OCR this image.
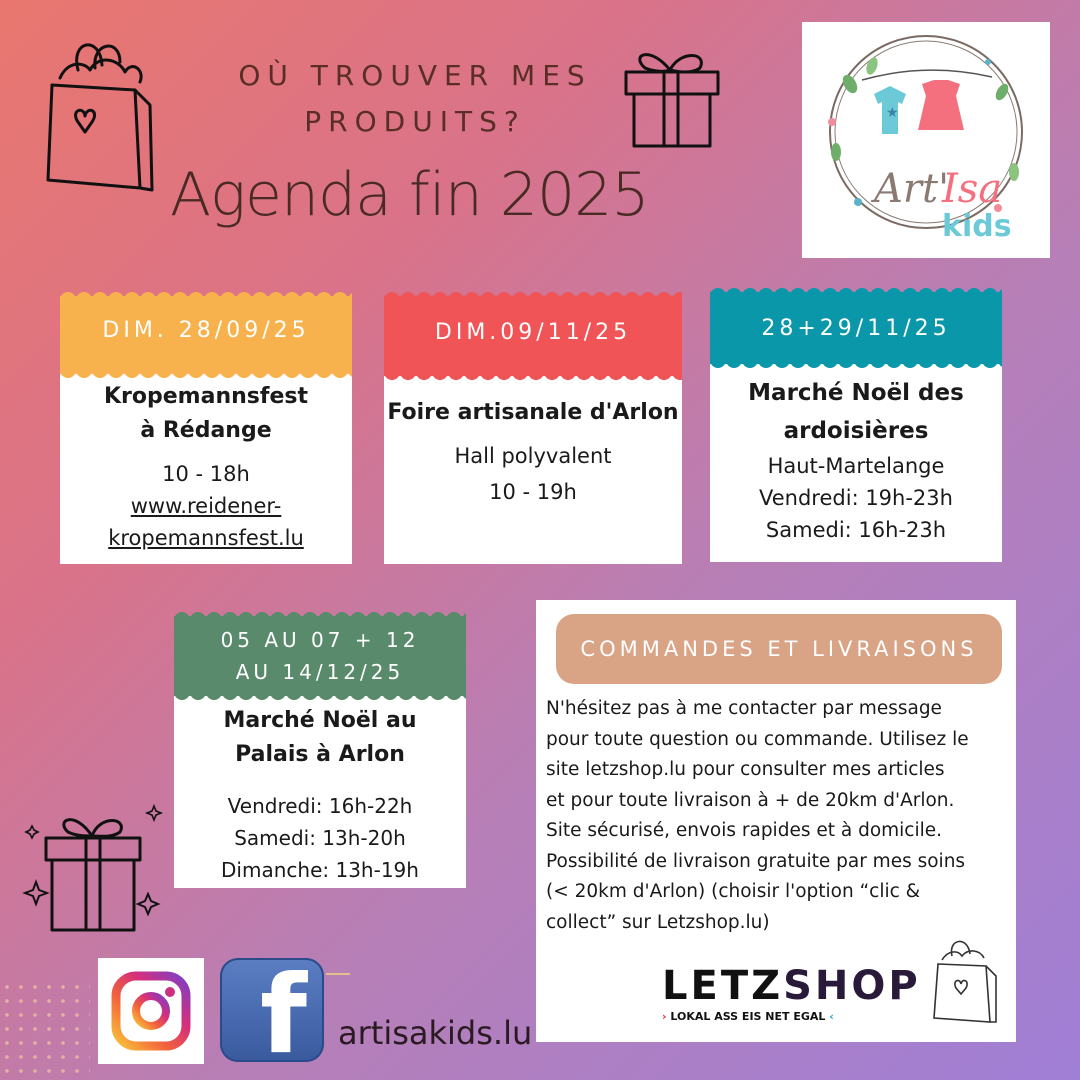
OÙ TROUVER MES
PRODUITS?
Agenda fin 2025
★
Art'
Isa
kids
DIM. 28/09/25
Kropemannsfest
à Rédange
10 - 18h
www.reidener-
kropemannsfest.lu
DIM.09/11/25
Foire artisanale d'Arlon
Hall polyvalent
10 - 19h
28+29/11/25
Marché Noël des
ardoisières
Haut-Martelange
Vendredi: 19h-23h
Samedi: 16h-23h
05 AU 07 + 12
AU 14/12/25
Marché Noël au
Palais à Arlon
Vendredi: 16h-22h
Samedi: 13h-20h
Dimanche: 13h-19h
COMMANDES ET LIVRAISONS
N'hésitez pas à me contacter par message
pour toute question ou commande. Utilisez le
site letzshop.lu pour consulter mes articles
et pour toute livraison à + de 20km d'Arlon.
Site sécurisé, envois rapides et à domicile.
Possibilité de livraison gratuite par mes soins
(< 20km d'Arlon) (choisir l'option “clic &
collect” sur Letzshop.lu)
LETZSHOP
› LOKAL ASS EIS NET EGAL ‹
f artisakids.lu
